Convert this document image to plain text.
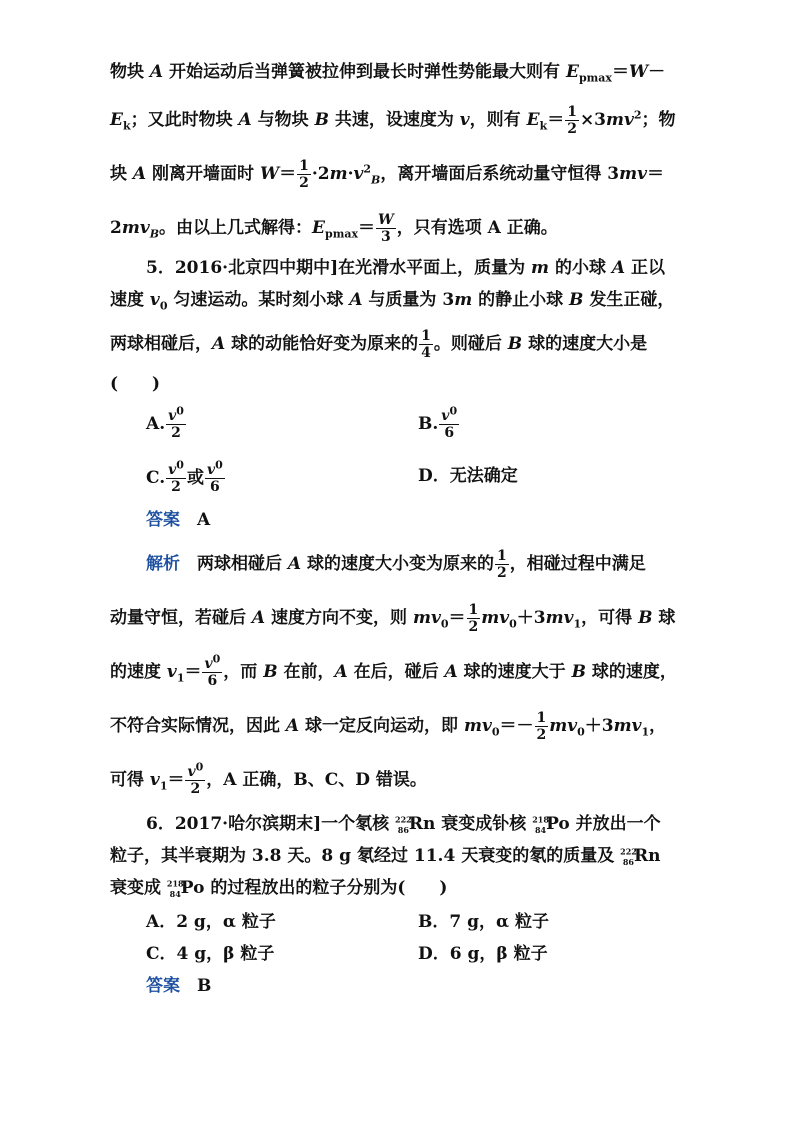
物块 A 开始运动后当弹簧被拉伸到最长时弹性势能最大则有 $E_{pmax}=W-$
$E_k$；又此时物块 A 与物块 B 共速，设速度为 v，则有 $E_k= \frac{1}{2} \times 3mv^2$；物
块 A 刚离开墙面时 $W= \frac{1}{2} \cdot 2m\cdot v^2_B$，离开墙面后系统动量守恒得 3mv＝
$2mv_B$。由以上几式解得：$E_{pmax}= \frac{W}{3}$ ，只有选项 A 正确。
5．2016·北京四中期中]在光滑水平面上，质量为 m 的小球 A 正以
速度 $v_0$ 匀速运动。某时刻小球 A 与质量为 3m 的静止小球 B 发生正碰，
两球相碰后，A 球的动能恰好变为原来的 $\frac{1}{4}$ 。则碰后 B 球的速度大小是
(　　)
A. $\frac{v^0}{2}$	B. $\frac{v^0}{6}$
C. $\frac{v^0}{2}$ 或 $\frac{v^0}{6}$	D．无法确定
答案　 A
解析　 两球相碰后 A 球的速度大小变为原来的 $\frac{1}{2}$ ，相碰过程中满足
动量守恒，若碰后 A 速度方向不变，则 $mv_0= \frac{1}{2} mv_0+3mv_1$，可得 B 球
的速度 $v_1= \frac{v^0}{6}$ ，而 B 在前，A 在后，碰后 A 球的速度大于 B 球的速度，
不符合实际情况，因此 A 球一定反向运动，即 $mv_0=- \frac{1}{2} mv_0+3mv_1$，
可得 $v_1= \frac{v^0}{2}$ ，A 正确，B、C、D 错误。
6．2017·哈尔滨期末]一个氡核 $^{222}_{86}$Rn 衰变成钋核 $^{218}_{84}$Po 并放出一个
粒子，其半衰期为 3.8 天。8 g 氡经过 11.4 天衰变的氡的质量及 $^{222}_{86}$Rn
衰变成 $^{218}_{84}$Po 的过程放出的粒子分别为(　　)
A．2 g，α 粒子	B．7 g，α 粒子
C．4 g，β 粒子	D．6 g，β 粒子
答案　 B
